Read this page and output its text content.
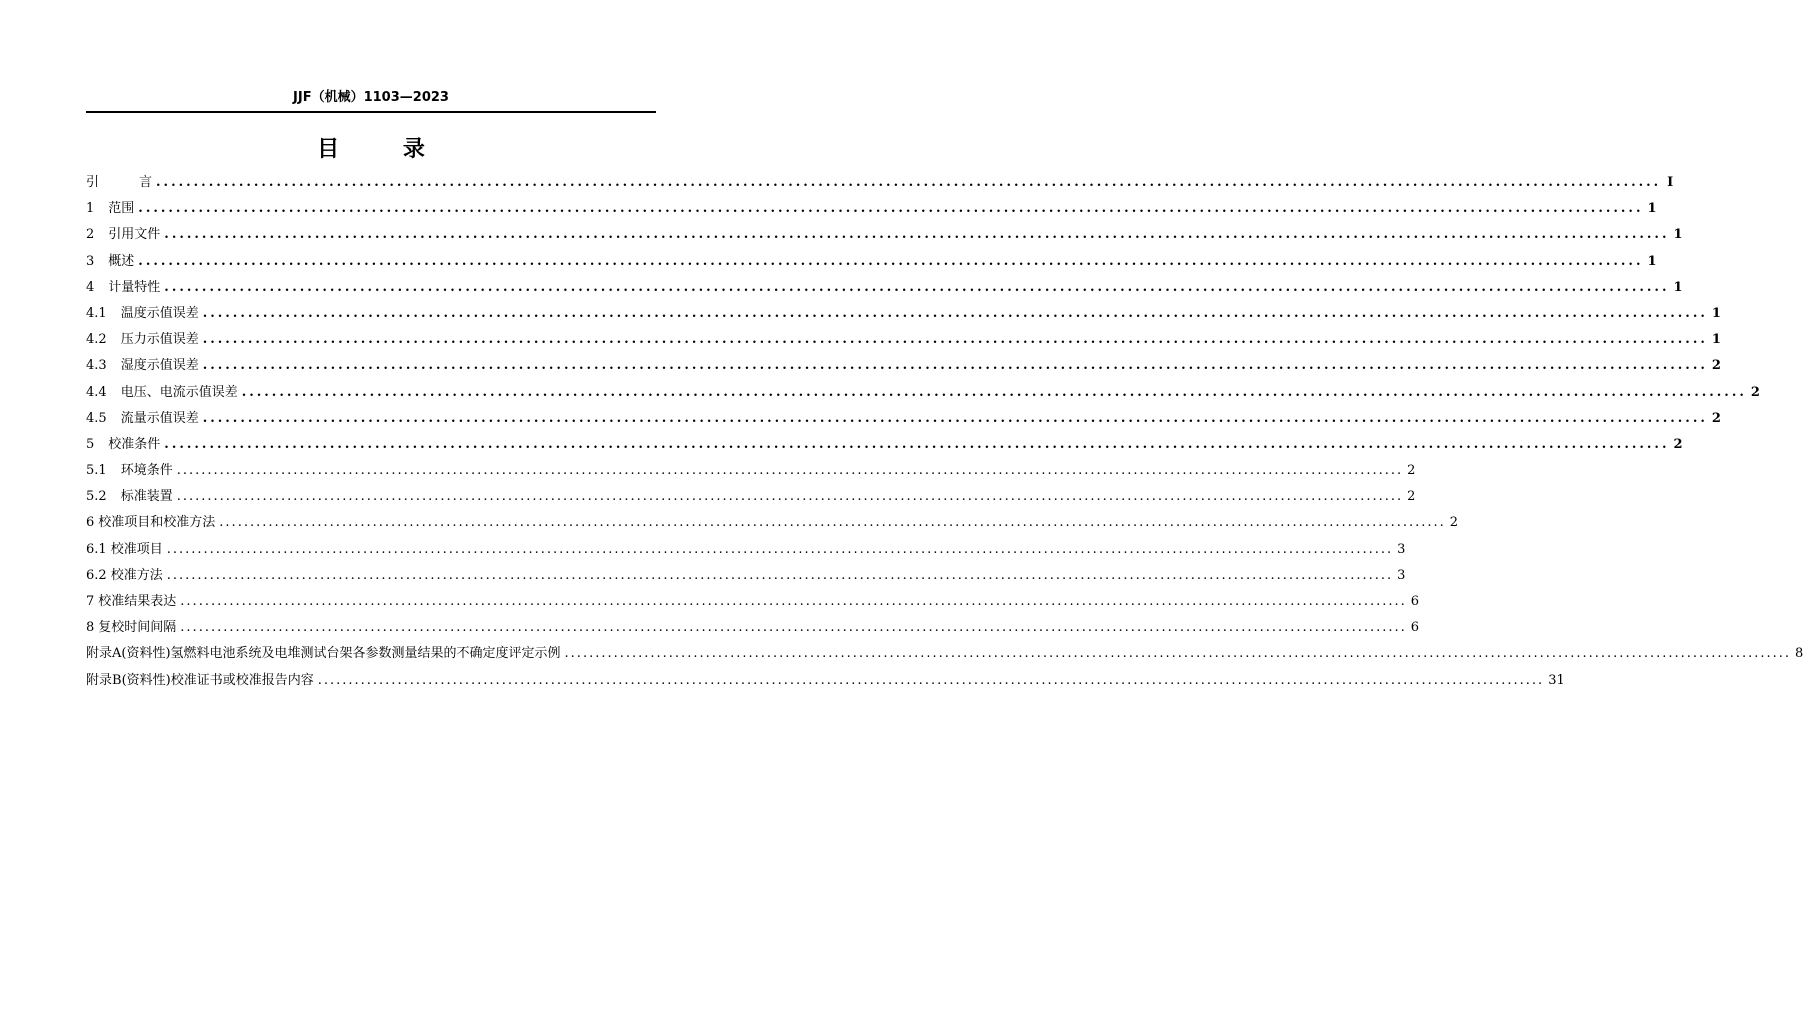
JJF（机械）1103—2023
目 录
引	言 ........................................................................................................................................................................................................ I
1 范围 ........................................................................................................................................................................................................ 1
2 引用文件 ........................................................................................................................................................................................................ 1
3 概述 ........................................................................................................................................................................................................ 1
4 计量特性 ........................................................................................................................................................................................................ 1
4.1 温度示值误差 ........................................................................................................................................................................................................ 1
4.2 压力示值误差 ........................................................................................................................................................................................................ 1
4.3 湿度示值误差 ........................................................................................................................................................................................................ 2
4.4 电压、电流示值误差 ........................................................................................................................................................................................................ 2
4.5 流量示值误差 ........................................................................................................................................................................................................ 2
5 校准条件 ........................................................................................................................................................................................................ 2
5.1 环境条件 ........................................................................................................................................................................................................ 2
5.2 标准装置 ........................................................................................................................................................................................................ 2
6 校准项目和校准方法 ........................................................................................................................................................................................................ 2
6.1 校准项目 ........................................................................................................................................................................................................ 3
6.2 校准方法 ........................................................................................................................................................................................................ 3
7 校准结果表达 ........................................................................................................................................................................................................ 6
8 复校时间间隔 ........................................................................................................................................................................................................ 6
附录A(资料性)氢燃料电池系统及电堆测试台架各参数测量结果的不确定度评定示例 ........................................................................................................................................................................................................ 8
附录B(资料性)校准证书或校准报告内容 ........................................................................................................................................................................................................ 31
